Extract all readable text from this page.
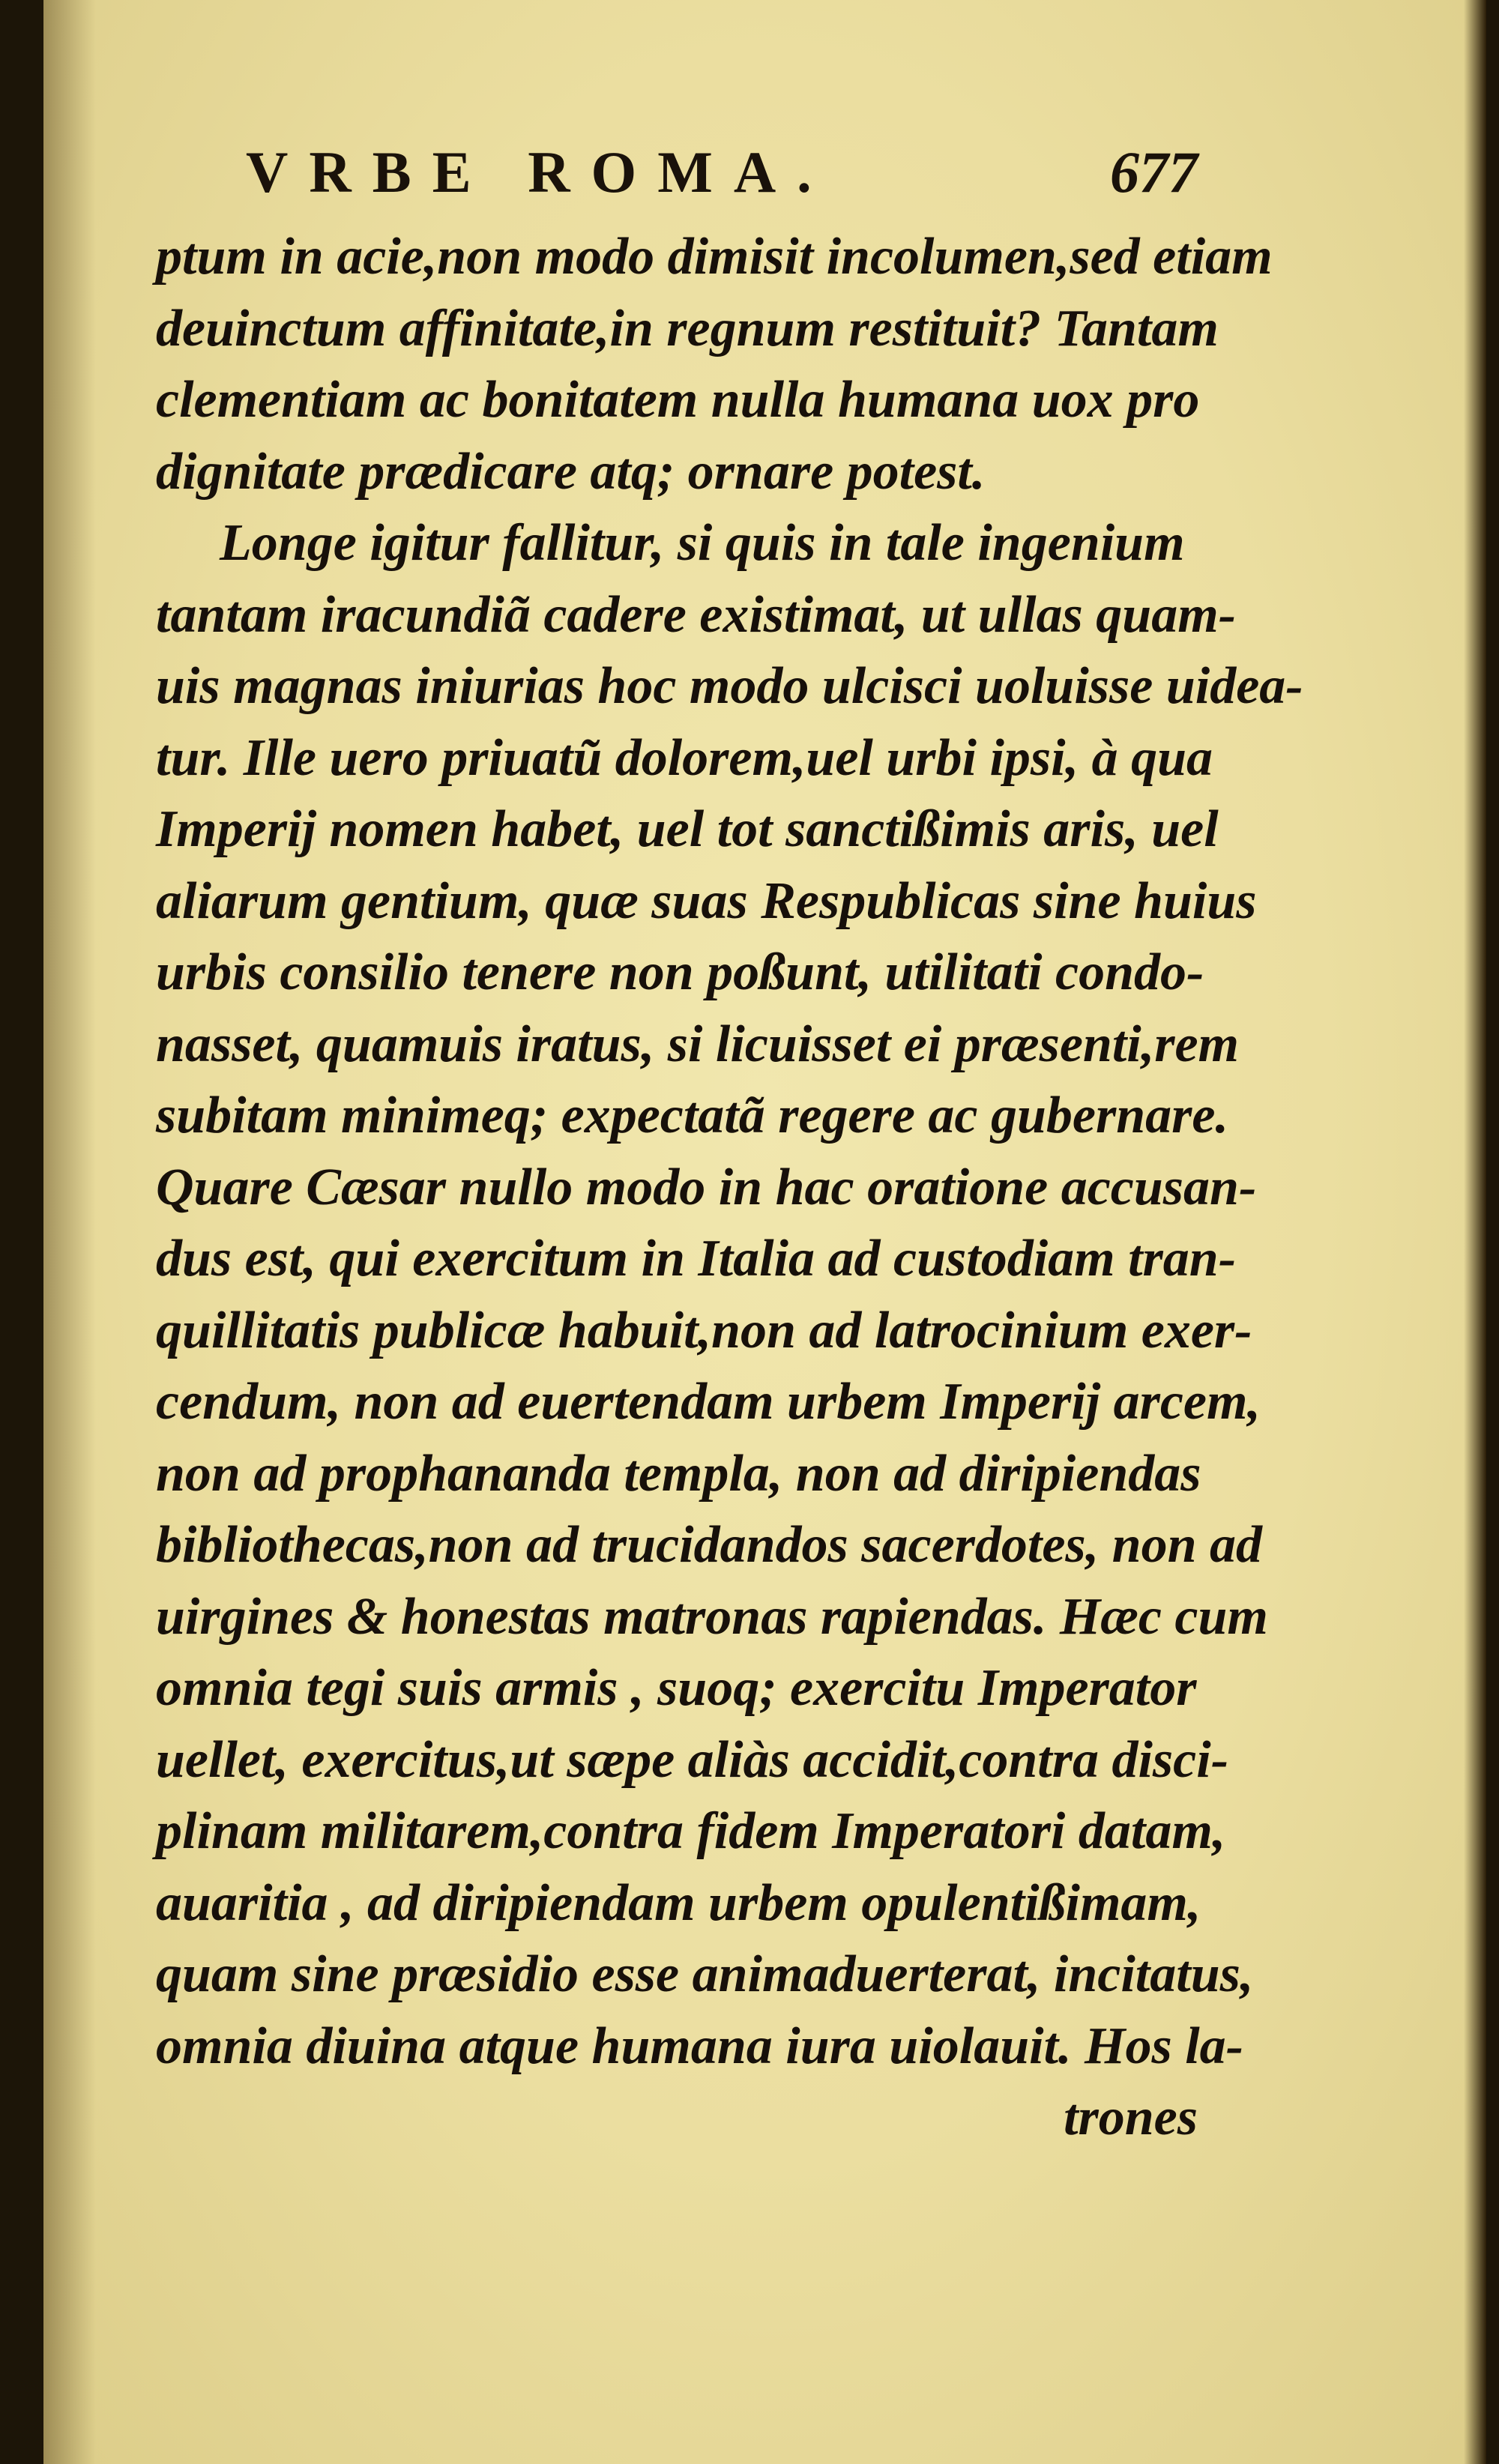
VRBE ROMA.	677
ptum in acie,non modo dimisit incolumen,sed etiam
deuinctum affinitate,in regnum restituit? Tantam
clementiam ac bonitatem nulla humana uox pro
dignitate prædicare atq; ornare potest.
Longe igitur fallitur, si quis in tale ingenium
tantam iracundiã cadere existimat, ut ullas quam-
uis magnas iniurias hoc modo ulcisci uoluisse uidea-
tur. Ille uero priuatũ dolorem,uel urbi ipsi, à qua
Imperij nomen habet, uel tot sanctißimis aris, uel
aliarum gentium, quæ suas Respublicas sine huius
urbis consilio tenere non poßunt, utilitati condo-
nasset, quamuis iratus, si licuisset ei præsenti,rem
subitam minimeq; expectatã regere ac gubernare.
Quare Cæsar nullo modo in hac oratione accusan-
dus est, qui exercitum in Italia ad custodiam tran-
quillitatis publicæ habuit,non ad latrocinium exer-
cendum, non ad euertendam urbem Imperij arcem,
non ad prophananda templa, non ad diripiendas
bibliothecas,non ad trucidandos sacerdotes, non ad
uirgines & honestas matronas rapiendas. Hæc cum
omnia tegi suis armis , suoq; exercitu Imperator
uellet, exercitus,ut sæpe aliàs accidit,contra disci-
plinam militarem,contra fidem Imperatori datam,
auaritia , ad diripiendam urbem opulentißimam,
quam sine præsidio esse animaduerterat, incitatus,
omnia diuina atque humana iura uiolauit. Hos la-
trones
